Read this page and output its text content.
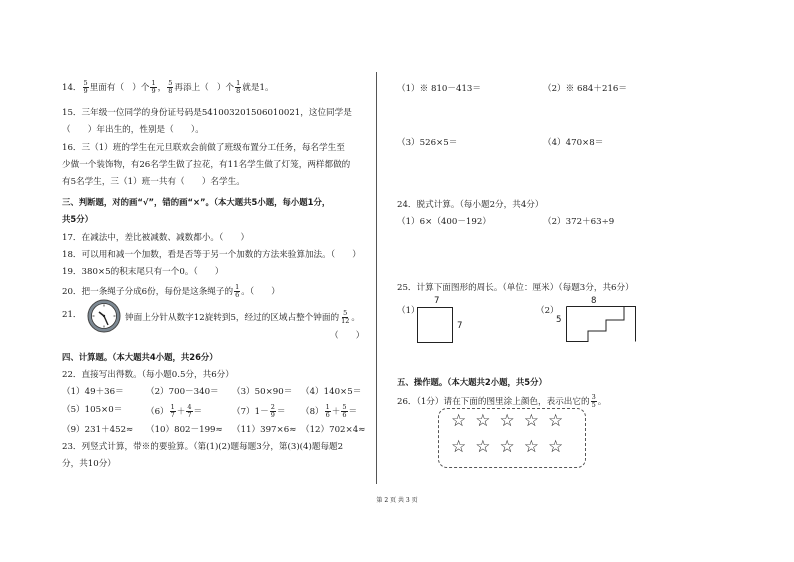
14． $\frac{5}{9}$ 里面有（ ）个 $\frac{1}{9}$ ， $\frac{5}{8}$ 再添上（ ）个 $\frac{1}{8}$ 就是1。
15．三年级一位同学的身份证号码是541003201506010021，这位同学是
（　　）年出生的，性别是（　　）。
16．三（1）班的学生在元旦联欢会前做了班级布置分工任务，每名学生至
少做一个装饰物，有26名学生做了拉花，有11名学生做了灯笼，两样都做的
有5名学生，三（1）班一共有（　　）名学生。
三、判断题，对的画“√”，错的画“×”。（本大题共5小题，每小题1分，
共5分）
17．在减法中，差比被减数、减数都小。（　　）
18．可以用和减一个加数，看是否等于另一个加数的方法来验算加法。（　　）
19．380×5的积末尾只有一个0。（　　）
20．把一条绳子分成6份，每份是这条绳子的 $\frac{1}{6}$ 。（　　）
21．	钟面上分针从数字12旋转到5，经过的区域占整个钟面的 $\frac{5}{12}$ 。
（　　）
四、计算题。（本大题共4小题，共26分）
22．直接写出得数。（每小题0.5分，共6分）
（1）49＋36＝	（2）700－340＝ （3）50×90＝ （4）140×5＝
（5）105×0＝	$(6) \frac{1}{7} + \frac{4}{7}$ ＝	$(7)1- \frac{2}{9} = (8) \frac{1}{6} + \frac{5}{6}$ ＝
（9）231＋452≈ （10）802－199≈ （11）397×6≈ （12）702×4≈
23．列竖式计算，带※的要验算。（第(1)(2)题每题3分，第(3)(4)题每题2
分，共10分）
（1）※ 810－413＝	（2）※ 684＋216＝
（3）526×5＝	（4）470×8＝
24．脱式计算。（每小题2分，共4分）
（1）6×（400－192）	（2）372＋63÷9
25．计算下面图形的周长。（单位：厘米）（每题3分，共6分）
（1）	（2）
7
7
8
5
五、操作题。（本大题共2小题，共5分）
26．（1分）请在下面的图里涂上颜色，表示出它的 $\frac{3}{5}$ 。
☆☆☆☆☆
☆☆☆☆☆
第 2 页 共 3 页
